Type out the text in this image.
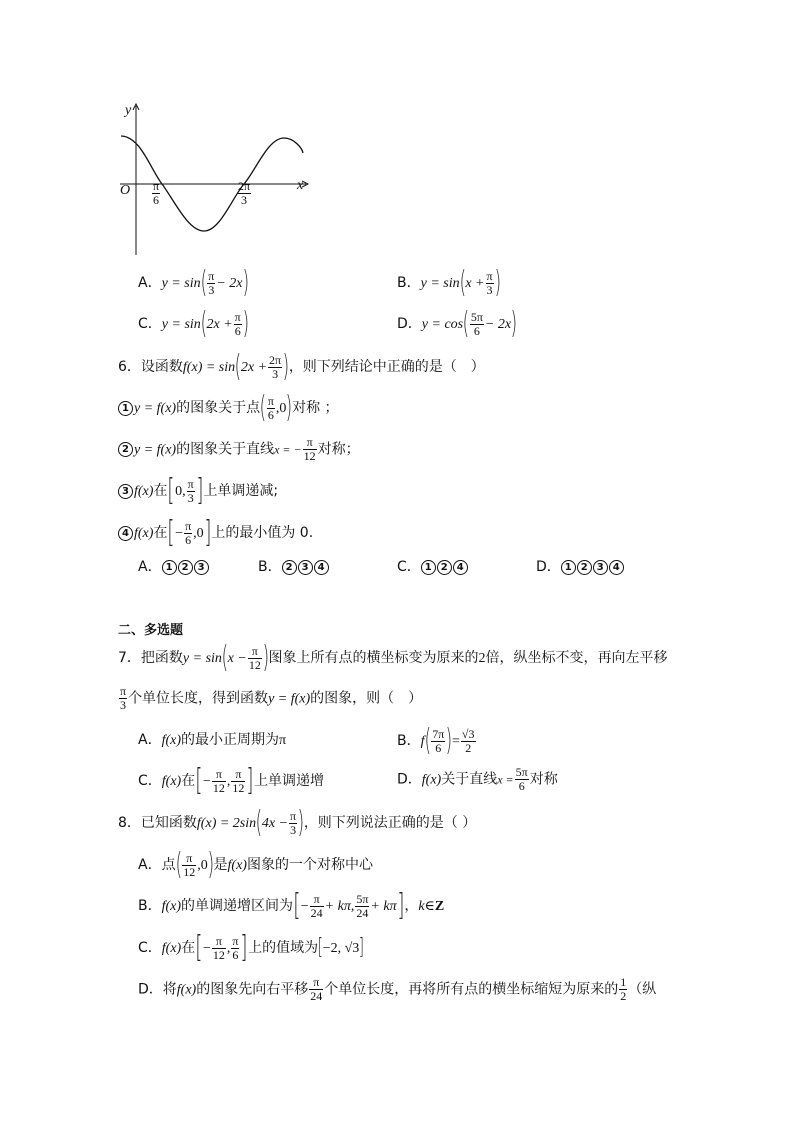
y
x
O $\frac{\pi}{6}$	$\frac{2\pi}{3}$
A．$y = \sin( \frac{\pi}{3} - 2x)$	B．$y = \sin(x + \frac{\pi}{3}$ )
C．$y = \sin(2x + \frac{\pi}{6}$ )	D．$y = \cos( \frac{5\pi}{6} - 2x)$
6．设函数$f(x) = \sin(2x + \frac{2\pi}{3}$ )，则下列结论中正确的是（　）
1 y = f(x)的图象关于点( $\frac{\pi}{6} ,0$)对称 ；
2 y = f(x)的图象关于直线x = − $\frac{\pi}{12}$ 对称；
3 f(x)在[0, $\frac{\pi}{3}$ ]上单调递减;
4 f(x)在[− $\frac{\pi}{6} ,0$]上的最小值为 0.
A． 1 2 3	B． 2 3 4	C． 1 2 4	D． 1 2 3 4
二、多选题
7．把函数$y = \sin(x - \frac{\pi}{12}$ )图象上所有点的横坐标变为原来的2倍，纵坐标不变，再向左平移
$\frac{\pi}{3}$ 个单位长度，得到函数y = f(x)的图象，则（　）
A．f(x)的最小正周期为π	B．$f( \frac{7\pi}{6}$ )= $\frac{√3}{2}$
C．f(x)在[− $\frac{\pi}{12}$ , $\frac{\pi}{12}$ ]上单调递增	D．f(x)关于直线$x = \frac{5\pi}{6}$ 对称
8．已知函数$f(x) = 2\sin(4x - \frac{\pi}{3}$ )，则下列说法正确的是（ ）
A．点( $\frac{\pi}{12} ,0$)是f(x)图象的一个对称中心
B．f(x)的单调递增区间为[− $\frac{\pi}{24} + k\pi$, $\frac{5\pi}{24} + k\pi$]，k∈Z
C．f(x)在[− $\frac{\pi}{12}$ , $\frac{\pi}{6}$ ]上的值域为[−2, √3]
D．将f(x)的图象先向右平移 $\frac{\pi}{24}$ 个单位长度，再将所有点的横坐标缩短为原来的 $\frac{1}{2}$ （纵
